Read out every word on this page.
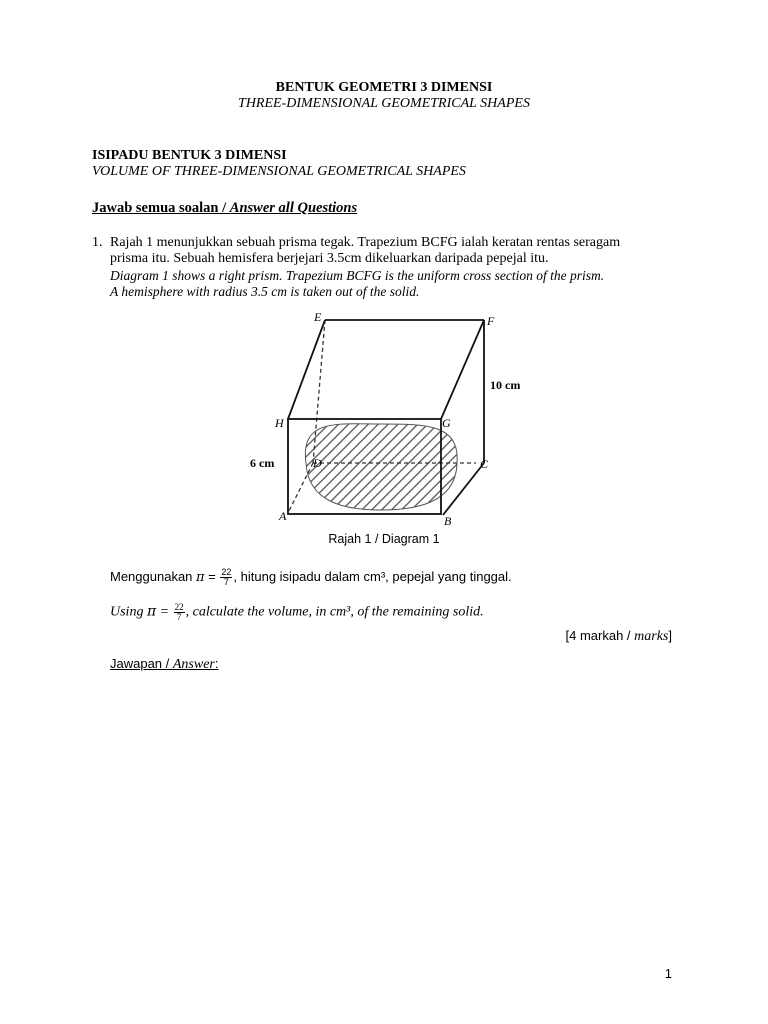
BENTUK GEOMETRI 3 DIMENSI
THREE-DIMENSIONAL GEOMETRICAL SHAPES
ISIPADU BENTUK 3 DIMENSI
VOLUME OF THREE-DIMENSIONAL GEOMETRICAL SHAPES
Jawab semua soalan / Answer all Questions
1. Rajah 1 menunjukkan sebuah prisma tegak. Trapezium BCFG ialah keratan rentas seragam
prisma itu. Sebuah hemisfera berjejari 3.5cm dikeluarkan daripada pepejal itu.
Diagram 1 shows a right prism. Trapezium BCFG is the uniform cross section of the prism.
A hemisphere with radius 3.5 cm is taken out of the solid.
E	F
H	G
D	C
A	B
10 cm
6 cm
Rajah 1 / Diagram 1
Menggunakan $\pi = \frac{22}{7}$ , hitung isipadu dalam cm³, pepejal yang tinggal.
Using $\pi = \frac{22}{7}$ , calculate the volume, in cm³, of the remaining solid.
[4 markah / marks]
Jawapan / Answer:
1
